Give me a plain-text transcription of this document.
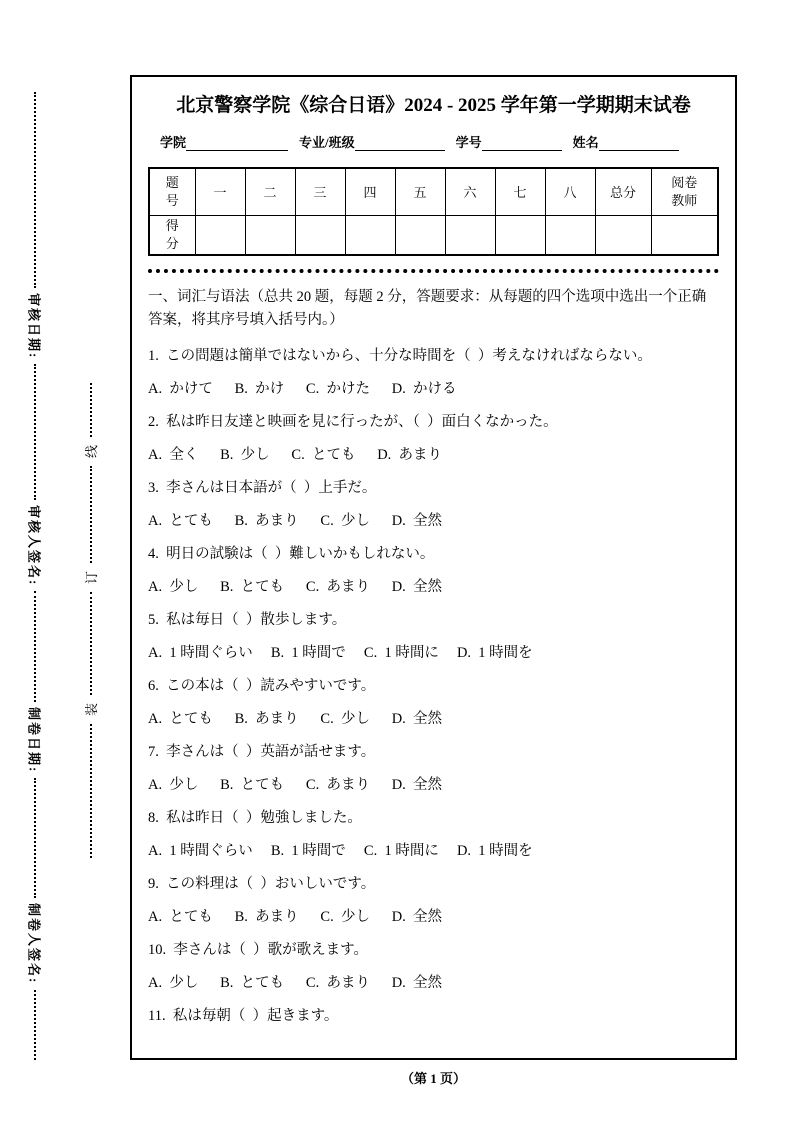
审核日期:
审核人签名:
制卷日期:
制卷人签名:
线
订
装
北京警察学院《综合日语》2024 - 2025 学年第一学期期末试卷
学院	专业/班级	学号	姓名
题号	一	二	三	四	五	六	七	八	总分	阅卷教师
得分										
一、词汇与语法（总共 20 题，每题 2 分，答题要求：从每题的四个选项中选出一个正确答案，将其序号填入括号内。）
1.  この問題は簡単ではないから、十分な時間を（  ）考えなければならない。
A.  かけて      B.  かけ      C.  かけた      D.  かける
2.  私は昨日友達と映画を見に行ったが、（  ）面白くなかった。
A.  全く      B.  少し      C.  とても      D.  あまり
3.  李さんは日本語が（  ）上手だ。
A.  とても      B.  あまり      C.  少し      D.  全然
4.  明日の試験は（  ）難しいかもしれない。
A.  少し      B.  とても      C.  あまり      D.  全然
5.  私は毎日（  ）散歩します。
A.  1 時間ぐらい     B.  1 時間で     C.  1 時間に     D.  1 時間を
6.  この本は（  ）読みやすいです。
A.  とても      B.  あまり      C.  少し      D.  全然
7.  李さんは（  ）英語が話せます。
A.  少し      B.  とても      C.  あまり      D.  全然
8.  私は昨日（  ）勉強しました。
A.  1 時間ぐらい     B.  1 時間で     C.  1 時間に     D.  1 時間を
9.  この料理は（  ）おいしいです。
A.  とても      B.  あまり      C.  少し      D.  全然
10.  李さんは（  ）歌が歌えます。
A.  少し      B.  とても      C.  あまり      D.  全然
11.  私は毎朝（  ）起きます。
（第 1 页）
